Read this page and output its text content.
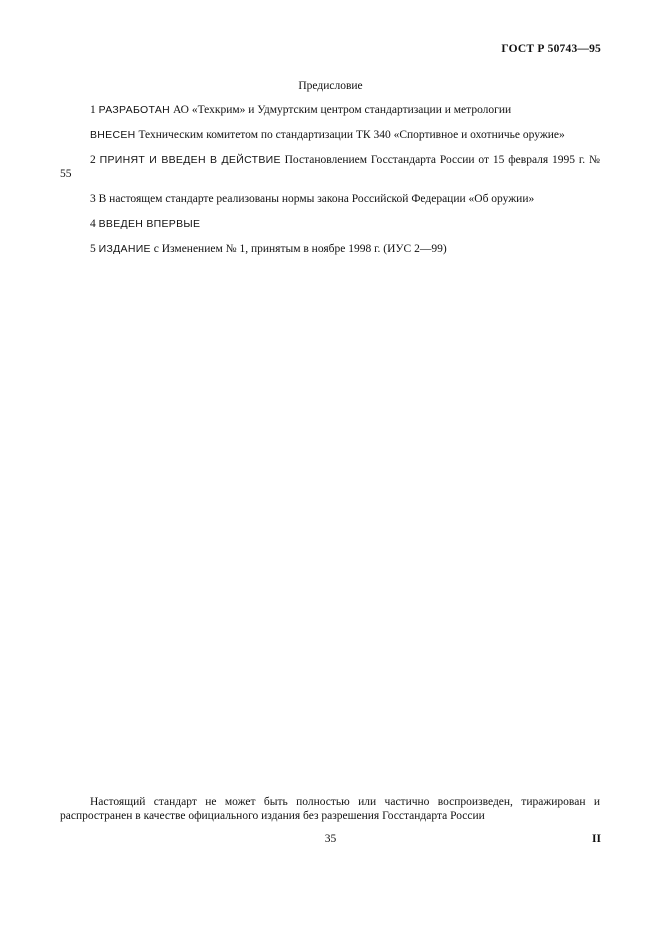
ГОСТ Р 50743—95
Предисловие

1 РАЗРАБОТАН АО «Техкрим» и Удмуртским центром стандартизации и метрологии

ВНЕСЕН Техническим комитетом по стандартизации ТК 340 «Спортивное и охотничье оружие»

2 ПРИНЯТ И ВВЕДЕН В ДЕЙСТВИЕ Постановлением Госстандарта России от 15 февраля 1995 г. № 55

3 В настоящем стандарте реализованы нормы закона Российской Федерации «Об оружии»

4 ВВЕДЕН ВПЕРВЫЕ

5 ИЗДАНИЕ с Изменением № 1, принятым в ноябре 1998 г. (ИУС 2—99)

Настоящий стандарт не может быть полностью или частично воспроизведен, тиражирован и распространен в качестве официального издания без разрешения Госстандарта России

35	II
